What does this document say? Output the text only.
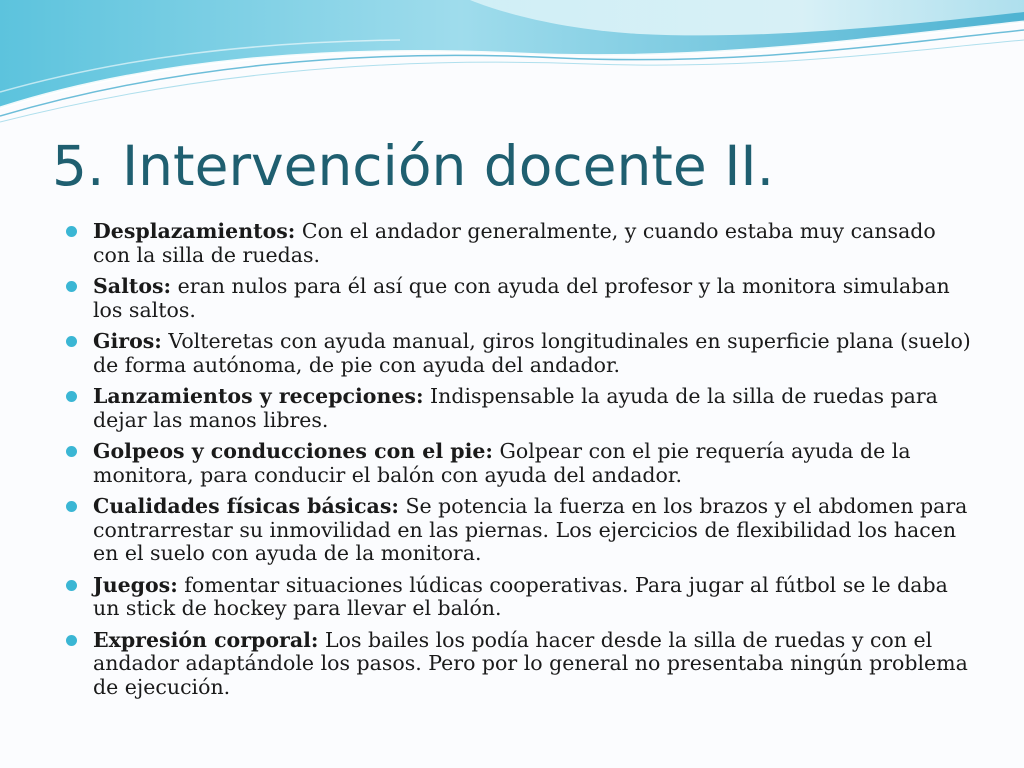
5. Intervención docente II.
Desplazamientos: Con el andador generalmente, y cuando estaba muy cansado con la silla de ruedas.
Saltos: eran nulos para él así que con ayuda del profesor y la monitora simulaban los saltos.
Giros: Volteretas con ayuda manual, giros longitudinales en superficie plana (suelo) de forma autónoma, de pie con ayuda del andador.
Lanzamientos y recepciones: Indispensable la ayuda de la silla de ruedas para dejar las manos libres.
Golpeos y conducciones con el pie: Golpear con el pie requería ayuda de la monitora, para conducir el balón con ayuda del andador.
Cualidades físicas básicas: Se potencia la fuerza en los brazos y el abdomen para contrarrestar su inmovilidad en las piernas. Los ejercicios de flexibilidad los hacen en el suelo con ayuda de la monitora.
Juegos: fomentar situaciones lúdicas cooperativas. Para jugar al fútbol se le daba un stick de hockey para llevar el balón.
Expresión corporal: Los bailes los podía hacer desde la silla de ruedas y con el andador adaptándole los pasos. Pero por lo general no presentaba ningún problema de ejecución.
